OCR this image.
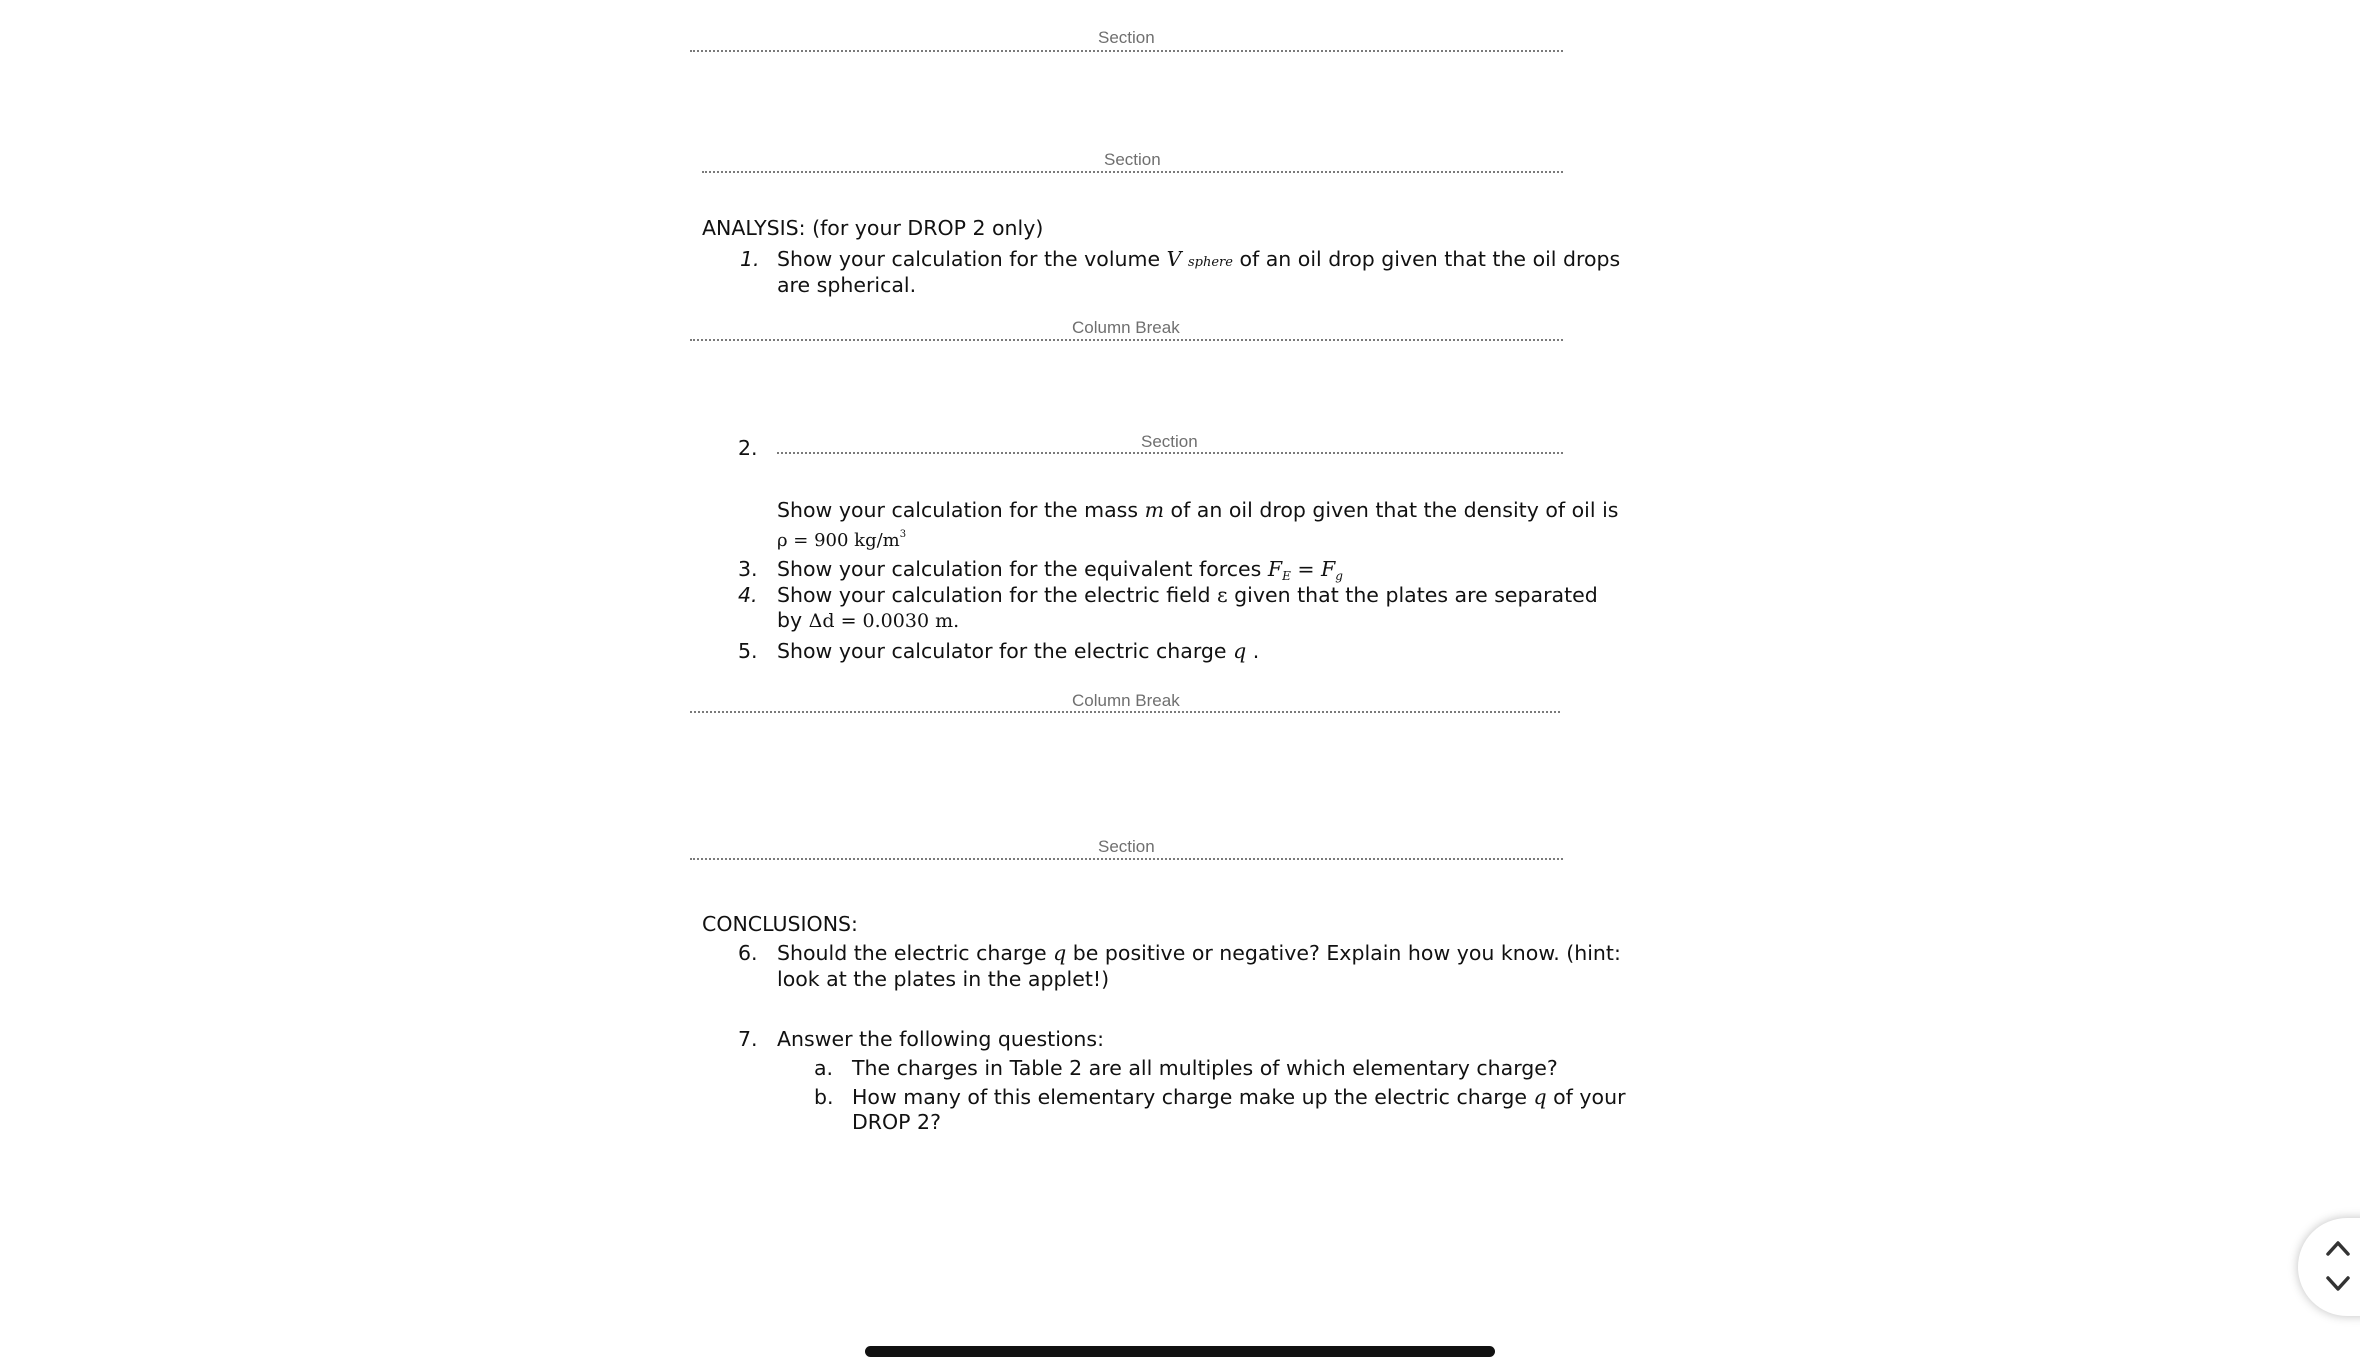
Section
Section
ANALYSIS: (for your DROP 2 only)
1. Show your calculation for the volume V sphere of an oil drop given that the oil drops
are spherical.
Column Break
2.	Section
Show your calculation for the mass m of an oil drop given that the density of oil is
ρ = 900 $kg/m^3$
3. Show your calculation for the equivalent forces $F_E = F_g$
4. Show your calculation for the electric field ε given that the plates are separated
by Δd = 0.0030 m.
5. Show your calculator for the electric charge q .
Column Break
Section
CONCLUSIONS:
6. Should the electric charge q be positive or negative? Explain how you know. (hint:
look at the plates in the applet!)
7. Answer the following questions:
a. The charges in Table 2 are all multiples of which elementary charge?
b. How many of this elementary charge make up the electric charge q of your
DROP 2?
